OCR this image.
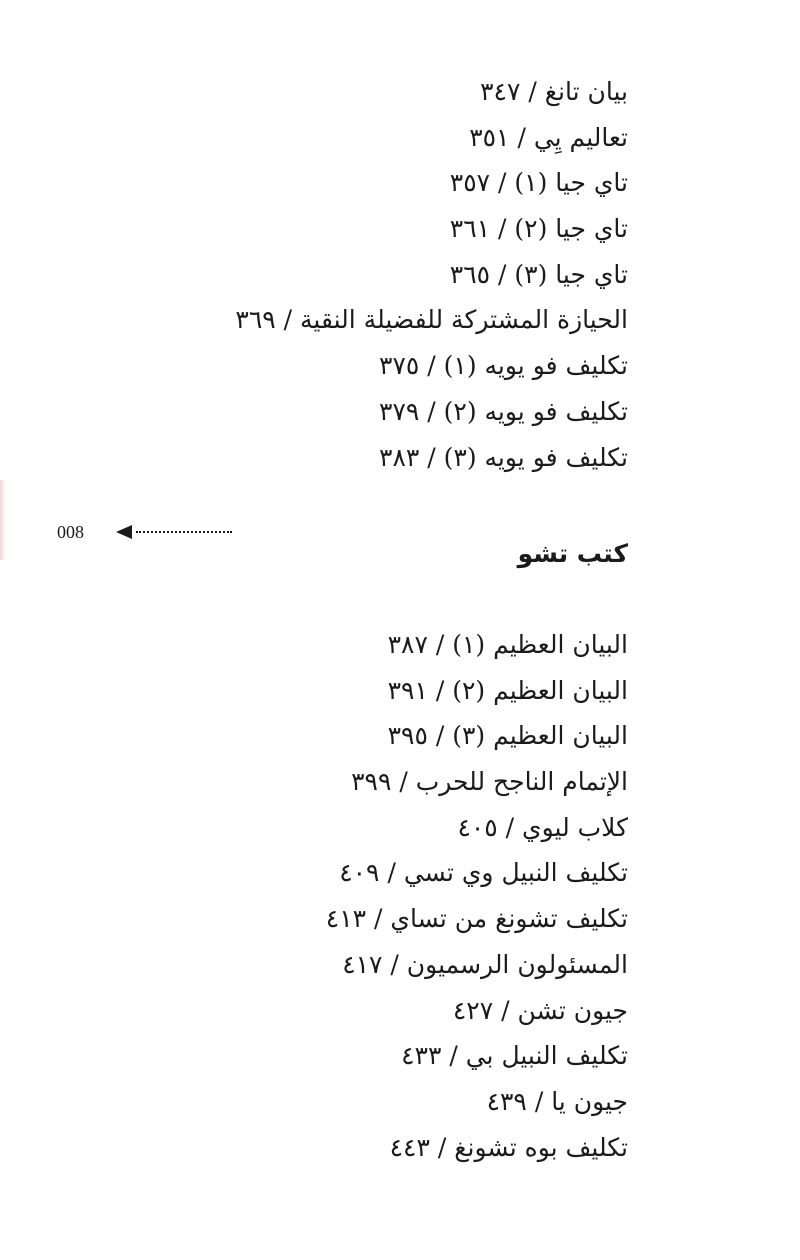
بيان تانغ / ٣٤٧
تعاليم يِي / ٣٥١
تاي جيا (١) / ٣٥٧
تاي جيا (٢) / ٣٦١
تاي جيا (٣) / ٣٦٥
الحيازة المشتركة للفضيلة النقية / ٣٦٩
تكليف فو يويه (١) / ٣٧٥
تكليف فو يويه (٢) / ٣٧٩
تكليف فو يويه (٣) / ٣٨٣
008
كتب تشو
البيان العظيم (١) / ٣٨٧
البيان العظيم (٢) / ٣٩١
البيان العظيم (٣) / ٣٩٥
الإتمام الناجح للحرب / ٣٩٩
كلاب ليوي / ٤٠٥
تكليف النبيل وي تسي / ٤٠٩
تكليف تشونغ من تساي / ٤١٣
المسئولون الرسميون / ٤١٧
جيون تشن / ٤٢٧
تكليف النبيل بي / ٤٣٣
جيون يا / ٤٣٩
تكليف بوه تشونغ / ٤٤٣
